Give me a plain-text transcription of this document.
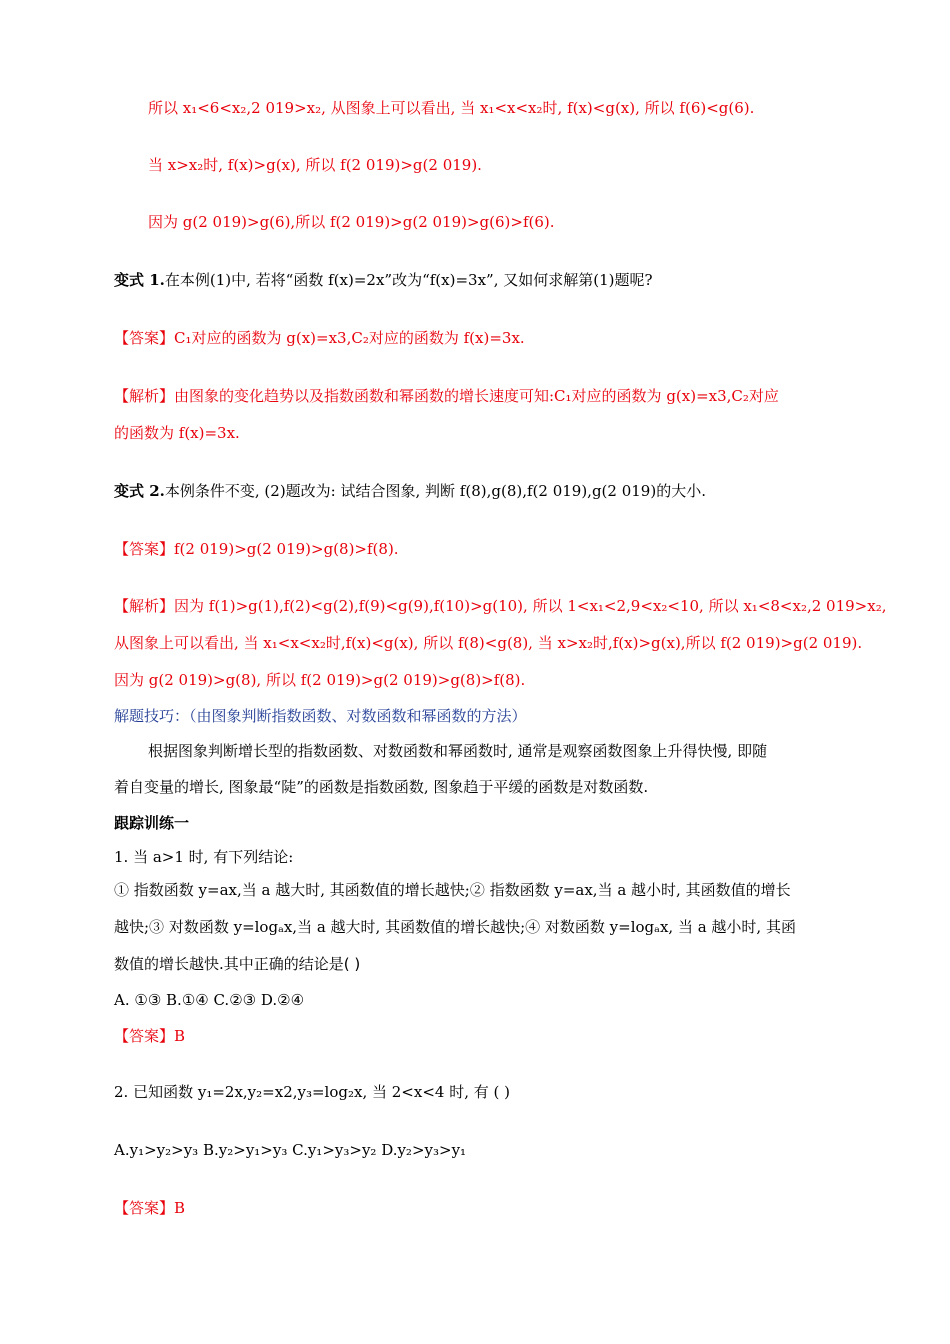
所以 x₁<6<x₂,2 019>x₂, 从图象上可以看出, 当 x₁<x<x₂时, f(x)<g(x), 所以 f(6)<g(6).
当 x>x₂时, f(x)>g(x), 所以 f(2 019)>g(2 019).
因为 g(2 019)>g(6),所以 f(2 019)>g(2 019)>g(6)>f(6).
变式 1.在本例(1)中, 若将“函数 f(x)=2x”改为“f(x)=3x”, 又如何求解第(1)题呢?
【答案】C₁对应的函数为 g(x)=x3,C₂对应的函数为 f(x)=3x.
【解析】由图象的变化趋势以及指数函数和幂函数的增长速度可知:C₁对应的函数为 g(x)=x3,C₂对应
的函数为 f(x)=3x.
变式 2.本例条件不变, (2)题改为: 试结合图象, 判断 f(8),g(8),f(2 019),g(2 019)的大小.
【答案】f(2 019)>g(2 019)>g(8)>f(8).
【解析】因为 f(1)>g(1),f(2)<g(2),f(9)<g(9),f(10)>g(10), 所以 1<x₁<2,9<x₂<10, 所以 x₁<8<x₂,2 019>x₂,
从图象上可以看出, 当 x₁<x<x₂时,f(x)<g(x), 所以 f(8)<g(8), 当 x>x₂时,f(x)>g(x),所以 f(2 019)>g(2 019).
因为 g(2 019)>g(8), 所以 f(2 019)>g(2 019)>g(8)>f(8).
解题技巧：（由图象判断指数函数、对数函数和幂函数的方法）
根据图象判断增长型的指数函数、对数函数和幂函数时, 通常是观察函数图象上升得快慢, 即随
着自变量的增长, 图象最“陡”的函数是指数函数, 图象趋于平缓的函数是对数函数.
跟踪训练一
1. 当 a>1 时, 有下列结论:
① 指数函数 y=ax,当 a 越大时, 其函数值的增长越快;② 指数函数 y=ax,当 a 越小时, 其函数值的增长
越快;③ 对数函数 y=logₐx,当 a 越大时, 其函数值的增长越快;④ 对数函数 y=logₐx, 当 a 越小时, 其函
数值的增长越快.其中正确的结论是( )
A. ①③ B.①④ C.②③ D.②④
【答案】B
2. 已知函数 y₁=2x,y₂=x2,y₃=log₂x, 当 2<x<4 时, 有 ( )
A.y₁>y₂>y₃ B.y₂>y₁>y₃ C.y₁>y₃>y₂ D.y₂>y₃>y₁
【答案】B
